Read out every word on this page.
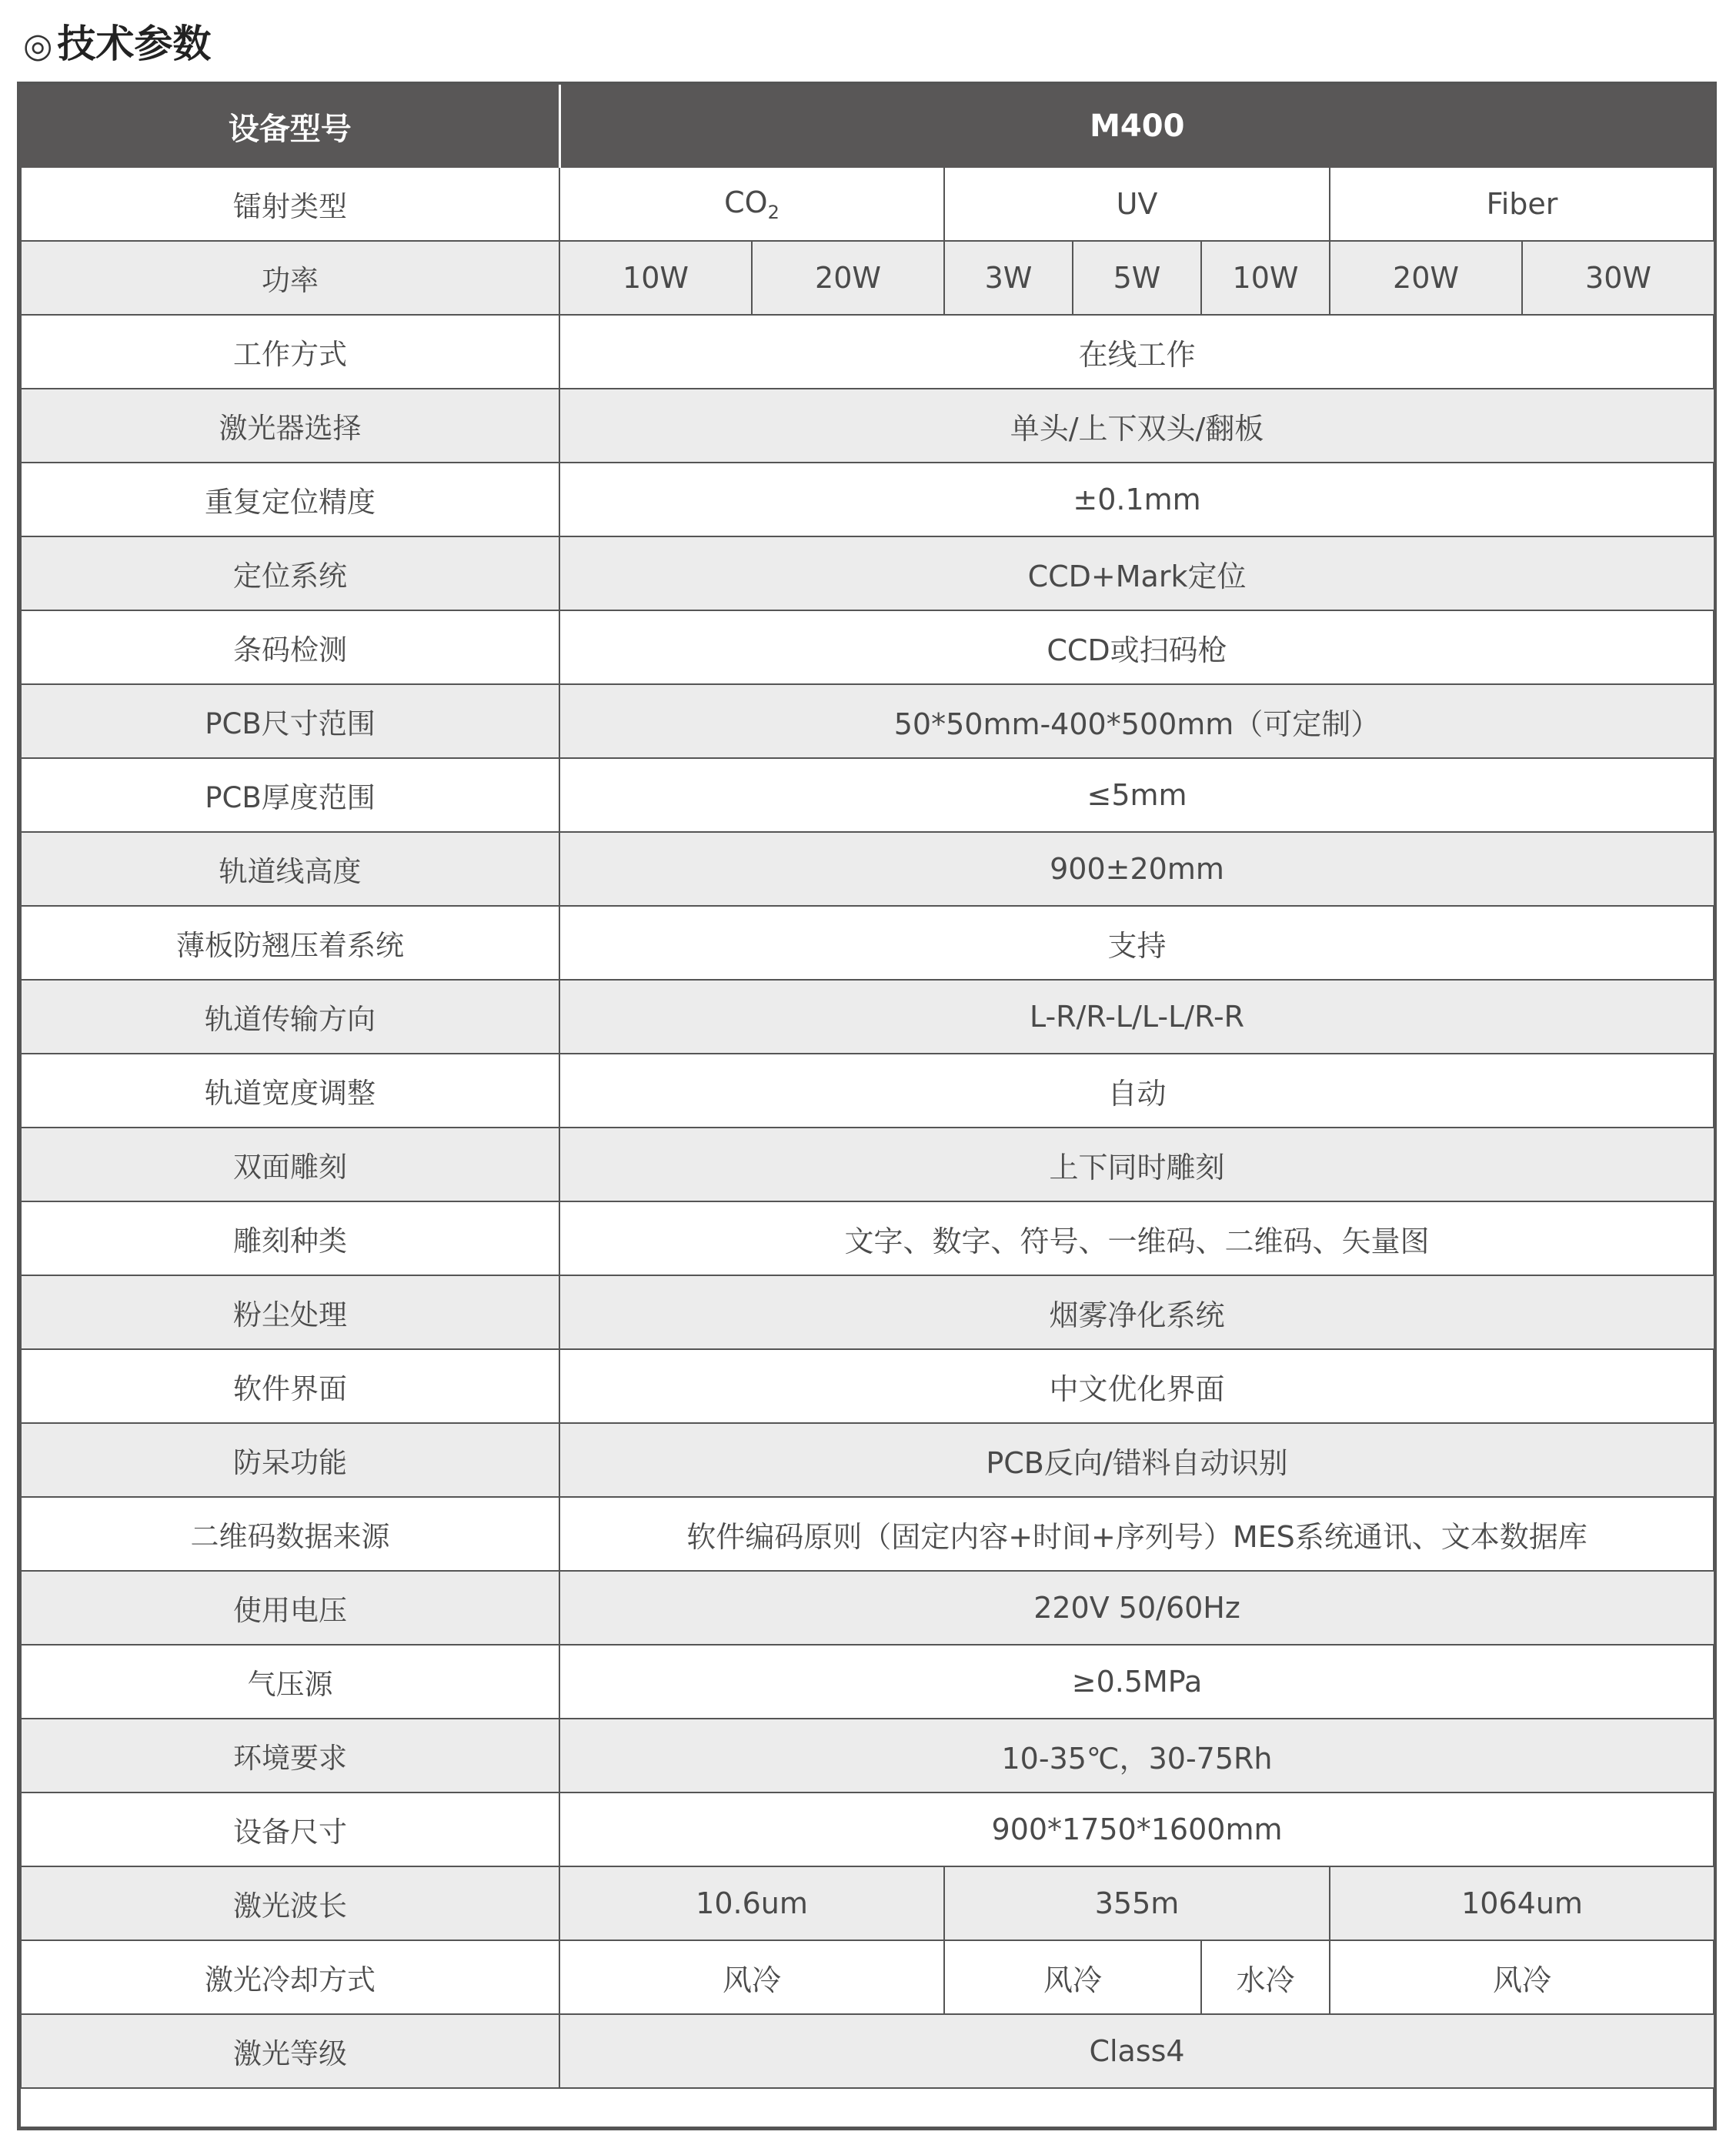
◎ 技术参数
设备型号	M400						
镭射类型	$CO_2$		UV			Fiber	
功率	10W	20W	3W	5W	10W	20W	30W
工作方式	在线工作						
激光器选择	单头/上下双头/翻板						
重复定位精度	±0.1mm						
定位系统	CCD+Mark定位						
条码检测	CCD或扫码枪						
PCB尺寸范围	50*50mm-400*500mm（可定制）						
PCB厚度范围	≤5mm						
轨道线高度	900±20mm						
薄板防翘压着系统	支持						
轨道传输方向	L-R/R-L/L-L/R-R						
轨道宽度调整	自动						
双面雕刻	上下同时雕刻						
雕刻种类	文字、数字、符号、一维码、二维码、矢量图						
粉尘处理	烟雾净化系统						
软件界面	中文优化界面						
防呆功能	PCB反向/错料自动识别						
二维码数据来源	软件编码原则（固定内容+时间+序列号）MES系统通讯、文本数据库						
使用电压	220V 50/60Hz						
气压源	≥0.5MPa						
环境要求	10-35℃，30-75Rh						
设备尺寸	900*1750*1600mm						
激光波长	10.6um		355m			1064um	
激光冷却方式	风冷		风冷		水冷	风冷	
激光等级	Class4						
